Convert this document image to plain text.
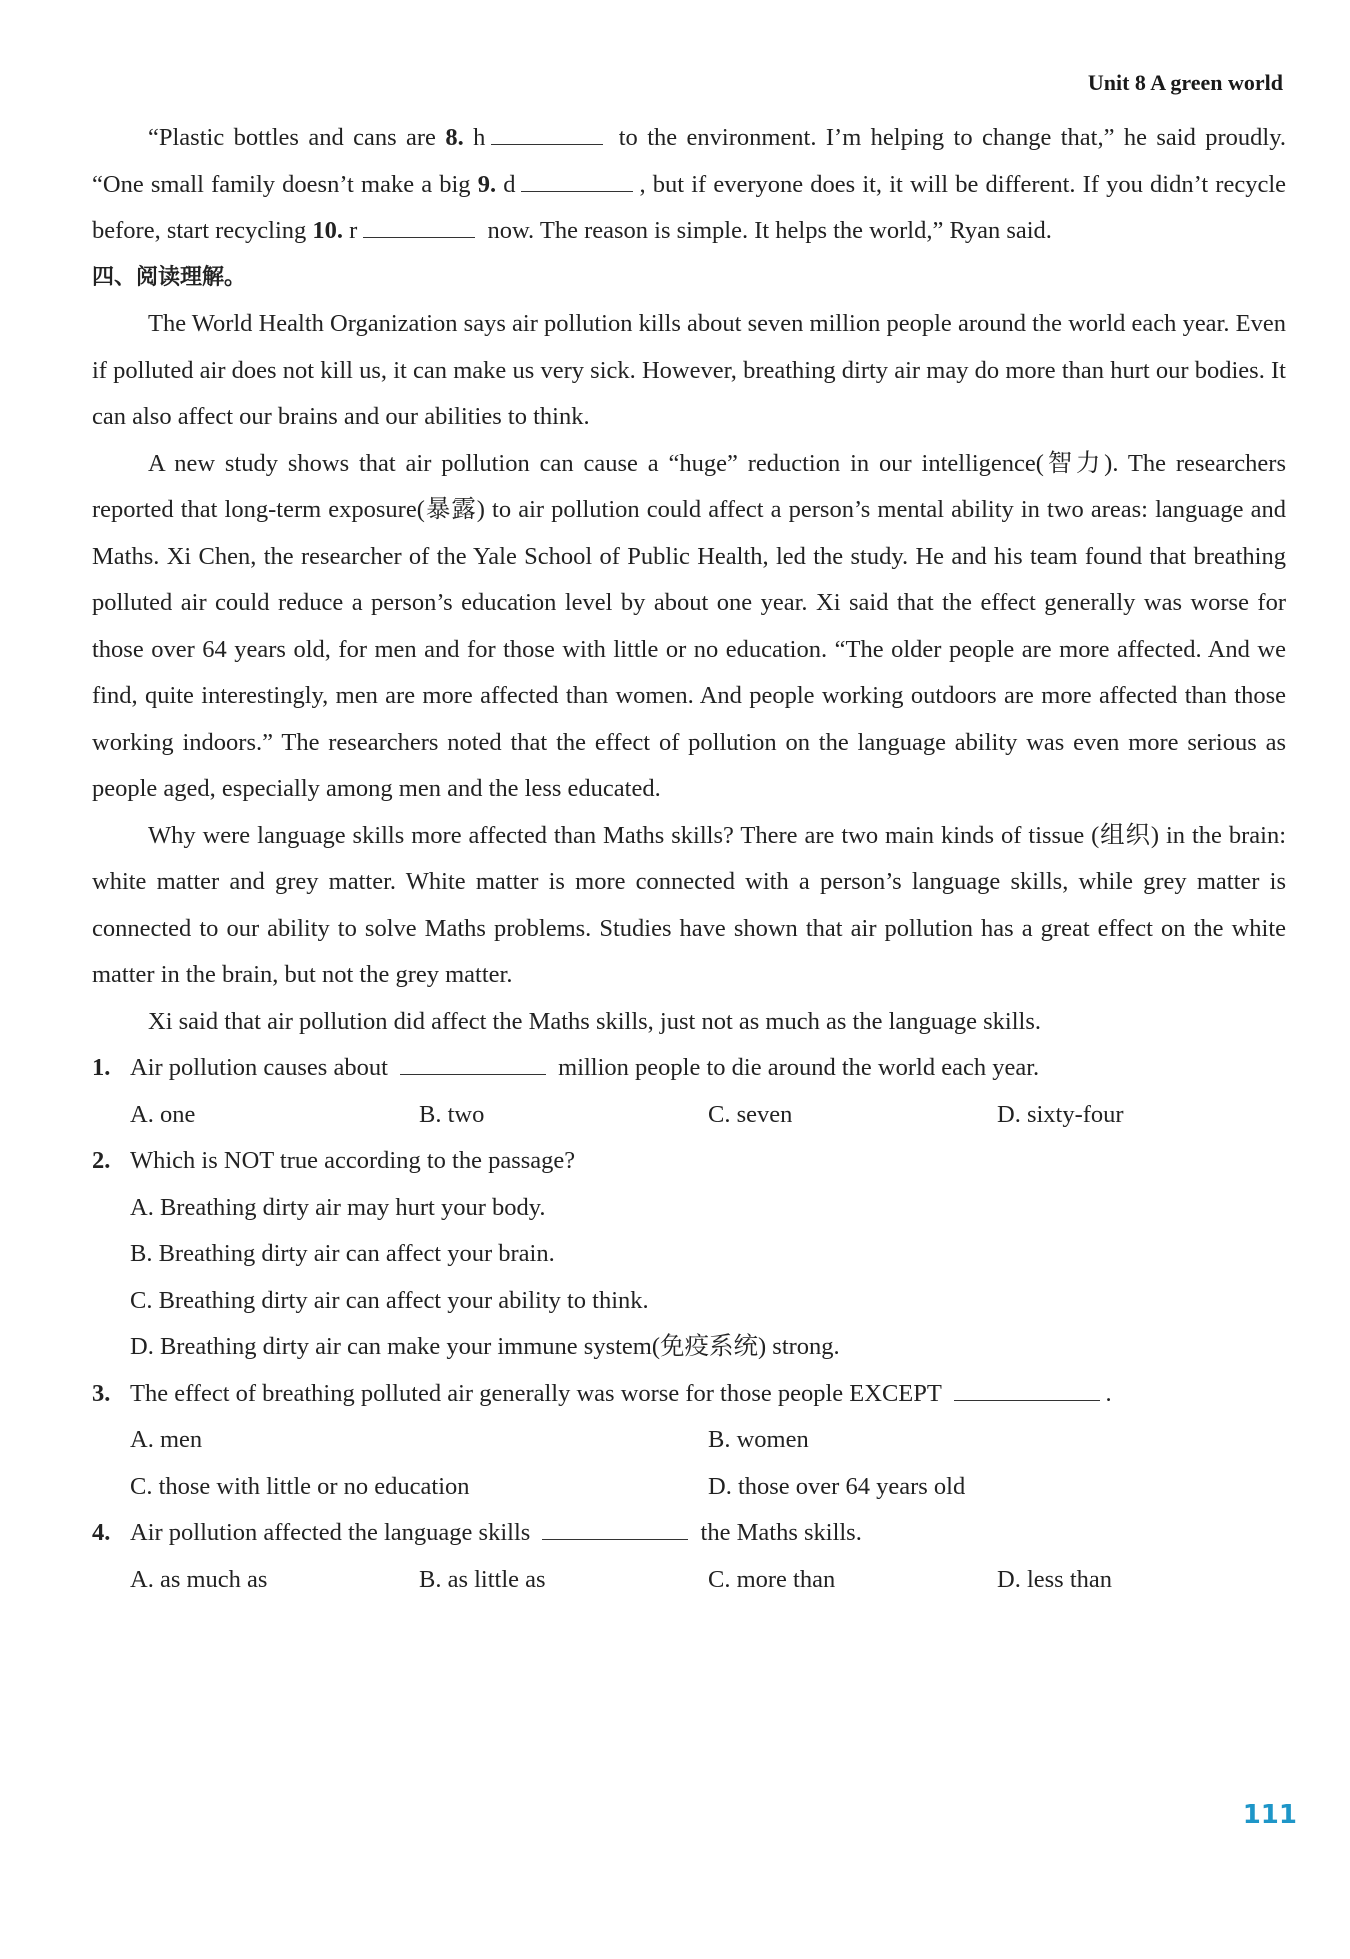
Unit 8 A green world

“Plastic bottles and cans are 8. h	to the environment. I’m helping to change that,” he said proudly. “One small family doesn’t make a big 9. d	, but if everyone does it, it will be different. If you didn’t recycle before, start recycling 10. r	now. The reason is simple. It helps the world,” Ryan said.

四、阅读理解。

The World Health Organization says air pollution kills about seven million people around the world each year. Even if polluted air does not kill us, it can make us very sick. However, breathing dirty air may do more than hurt our bodies. It can also affect our brains and our abilities to think.

A new study shows that air pollution can cause a “huge” reduction in our intelligence(智力). The researchers reported that long-term exposure(暴露) to air pollution could affect a person’s mental ability in two areas: language and Maths. Xi Chen, the researcher of the Yale School of Public Health, led the study. He and his team found that breathing polluted air could reduce a person’s education level by about one year. Xi said that the effect generally was worse for those over 64 years old, for men and for those with little or no education. “The older people are more affected. And we find, quite interestingly, men are more affected than women. And people working outdoors are more affected than those working indoors.” The researchers noted that the effect of pollution on the language ability was even more serious as people aged, especially among men and the less educated.

Why were language skills more affected than Maths skills? There are two main kinds of tissue (组织) in the brain: white matter and grey matter. White matter is more connected with a person’s language skills, while grey matter is connected to our ability to solve Maths problems. Studies have shown that air pollution has a great effect on the white matter in the brain, but not the grey matter.

Xi said that air pollution did affect the Maths skills, just not as much as the language skills.

1. Air pollution causes about	million people to die around the world each year.

A. one	B. two	C. seven	D. sixty-four

2. Which is NOT true according to the passage?

A. Breathing dirty air may hurt your body.
B. Breathing dirty air can affect your brain.
C. Breathing dirty air can affect your ability to think.
D. Breathing dirty air can make your immune system(免疫系统) strong.

3. The effect of breathing polluted air generally was worse for those people EXCEPT	.

A. men	B. women
C. those with little or no education	D. those over 64 years old

4. Air pollution affected the language skills	the Maths skills.

A. as much as	B. as little as	C. more than	D. less than
111
